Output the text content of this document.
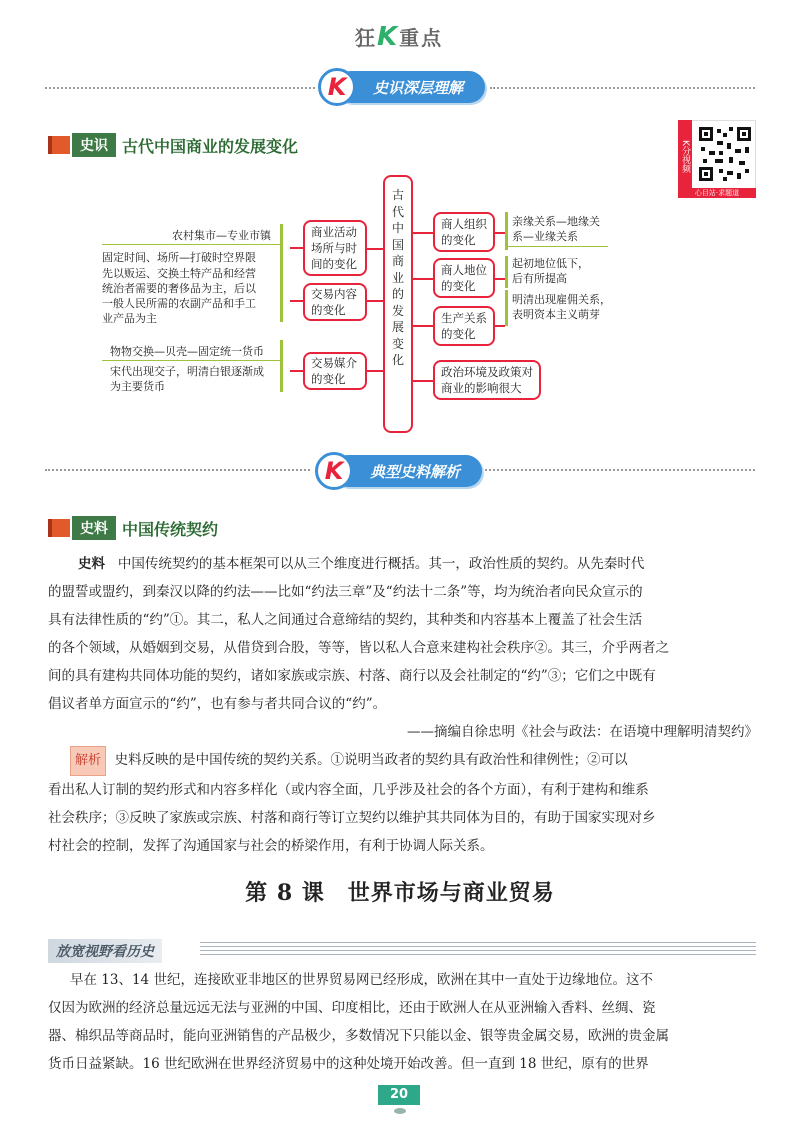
狂K重点
史识深层理解
K
史识 古代中国商业的发展变化	K分视频
心目站·求题道
古
代
中
国
商
业
的
发
展
变
化
商业活动
场所与时
间的变化
农村集市—专业市镇
固定时间、场所—打破时空界限
交易内容
的变化
先以贩运、交换土特产品和经营
统治者需要的奢侈品为主，后以
一般人民所需的农副产品和手工
业产品为主
交易媒介
的变化
物物交换—贝壳—固定统一货币
宋代出现交子，明清白银逐渐成
为主要货币
商人组织
的变化
亲缘关系—地缘关
系—业缘关系
商人地位
的变化
起初地位低下，
后有所提高
生产关系
的变化
明清出现雇佣关系，
表明资本主义萌芽
政治环境及政策对
商业的影响很大
典型史料解析
K
史料 中国传统契约
史料 中国传统契约的基本框架可以从三个维度进行概括。其一，政治性质的契约。从先秦时代
的盟誓或盟约，到秦汉以降的约法——比如“约法三章”及“约法十二条”等，均为统治者向民众宣示的
具有法律性质的“约”①。其二，私人之间通过合意缔结的契约，其种类和内容基本上覆盖了社会生活
的各个领域，从婚姻到交易，从借贷到合股，等等，皆以私人合意来建构社会秩序②。其三，介乎两者之
间的具有建构共同体功能的契约，诸如家族或宗族、村落、商行以及会社制定的“约”③；它们之中既有
倡议者单方面宣示的“约”，也有参与者共同合议的“约”。
——摘编自徐忠明《社会与政法：在语境中理解明清契约》
解析 史料反映的是中国传统的契约关系。①说明当政者的契约具有政治性和律例性；②可以
看出私人订制的契约形式和内容多样化（或内容全面，几乎涉及社会的各个方面），有利于建构和维系
社会秩序；③反映了家族或宗族、村落和商行等订立契约以维护其共同体为目的，有助于国家实现对乡
村社会的控制，发挥了沟通国家与社会的桥梁作用，有利于协调人际关系。
第 8 课　世界市场与商业贸易
放宽视野看历史
早在 13、14 世纪，连接欧亚非地区的世界贸易网已经形成，欧洲在其中一直处于边缘地位。这不
仅因为欧洲的经济总量远远无法与亚洲的中国、印度相比，还由于欧洲人在从亚洲输入香料、丝绸、瓷
器、棉织品等商品时，能向亚洲销售的产品极少，多数情况下只能以金、银等贵金属交易，欧洲的贵金属
货币日益紧缺。16 世纪欧洲在世界经济贸易中的这种处境开始改善。但一直到 18 世纪，原有的世界
20
